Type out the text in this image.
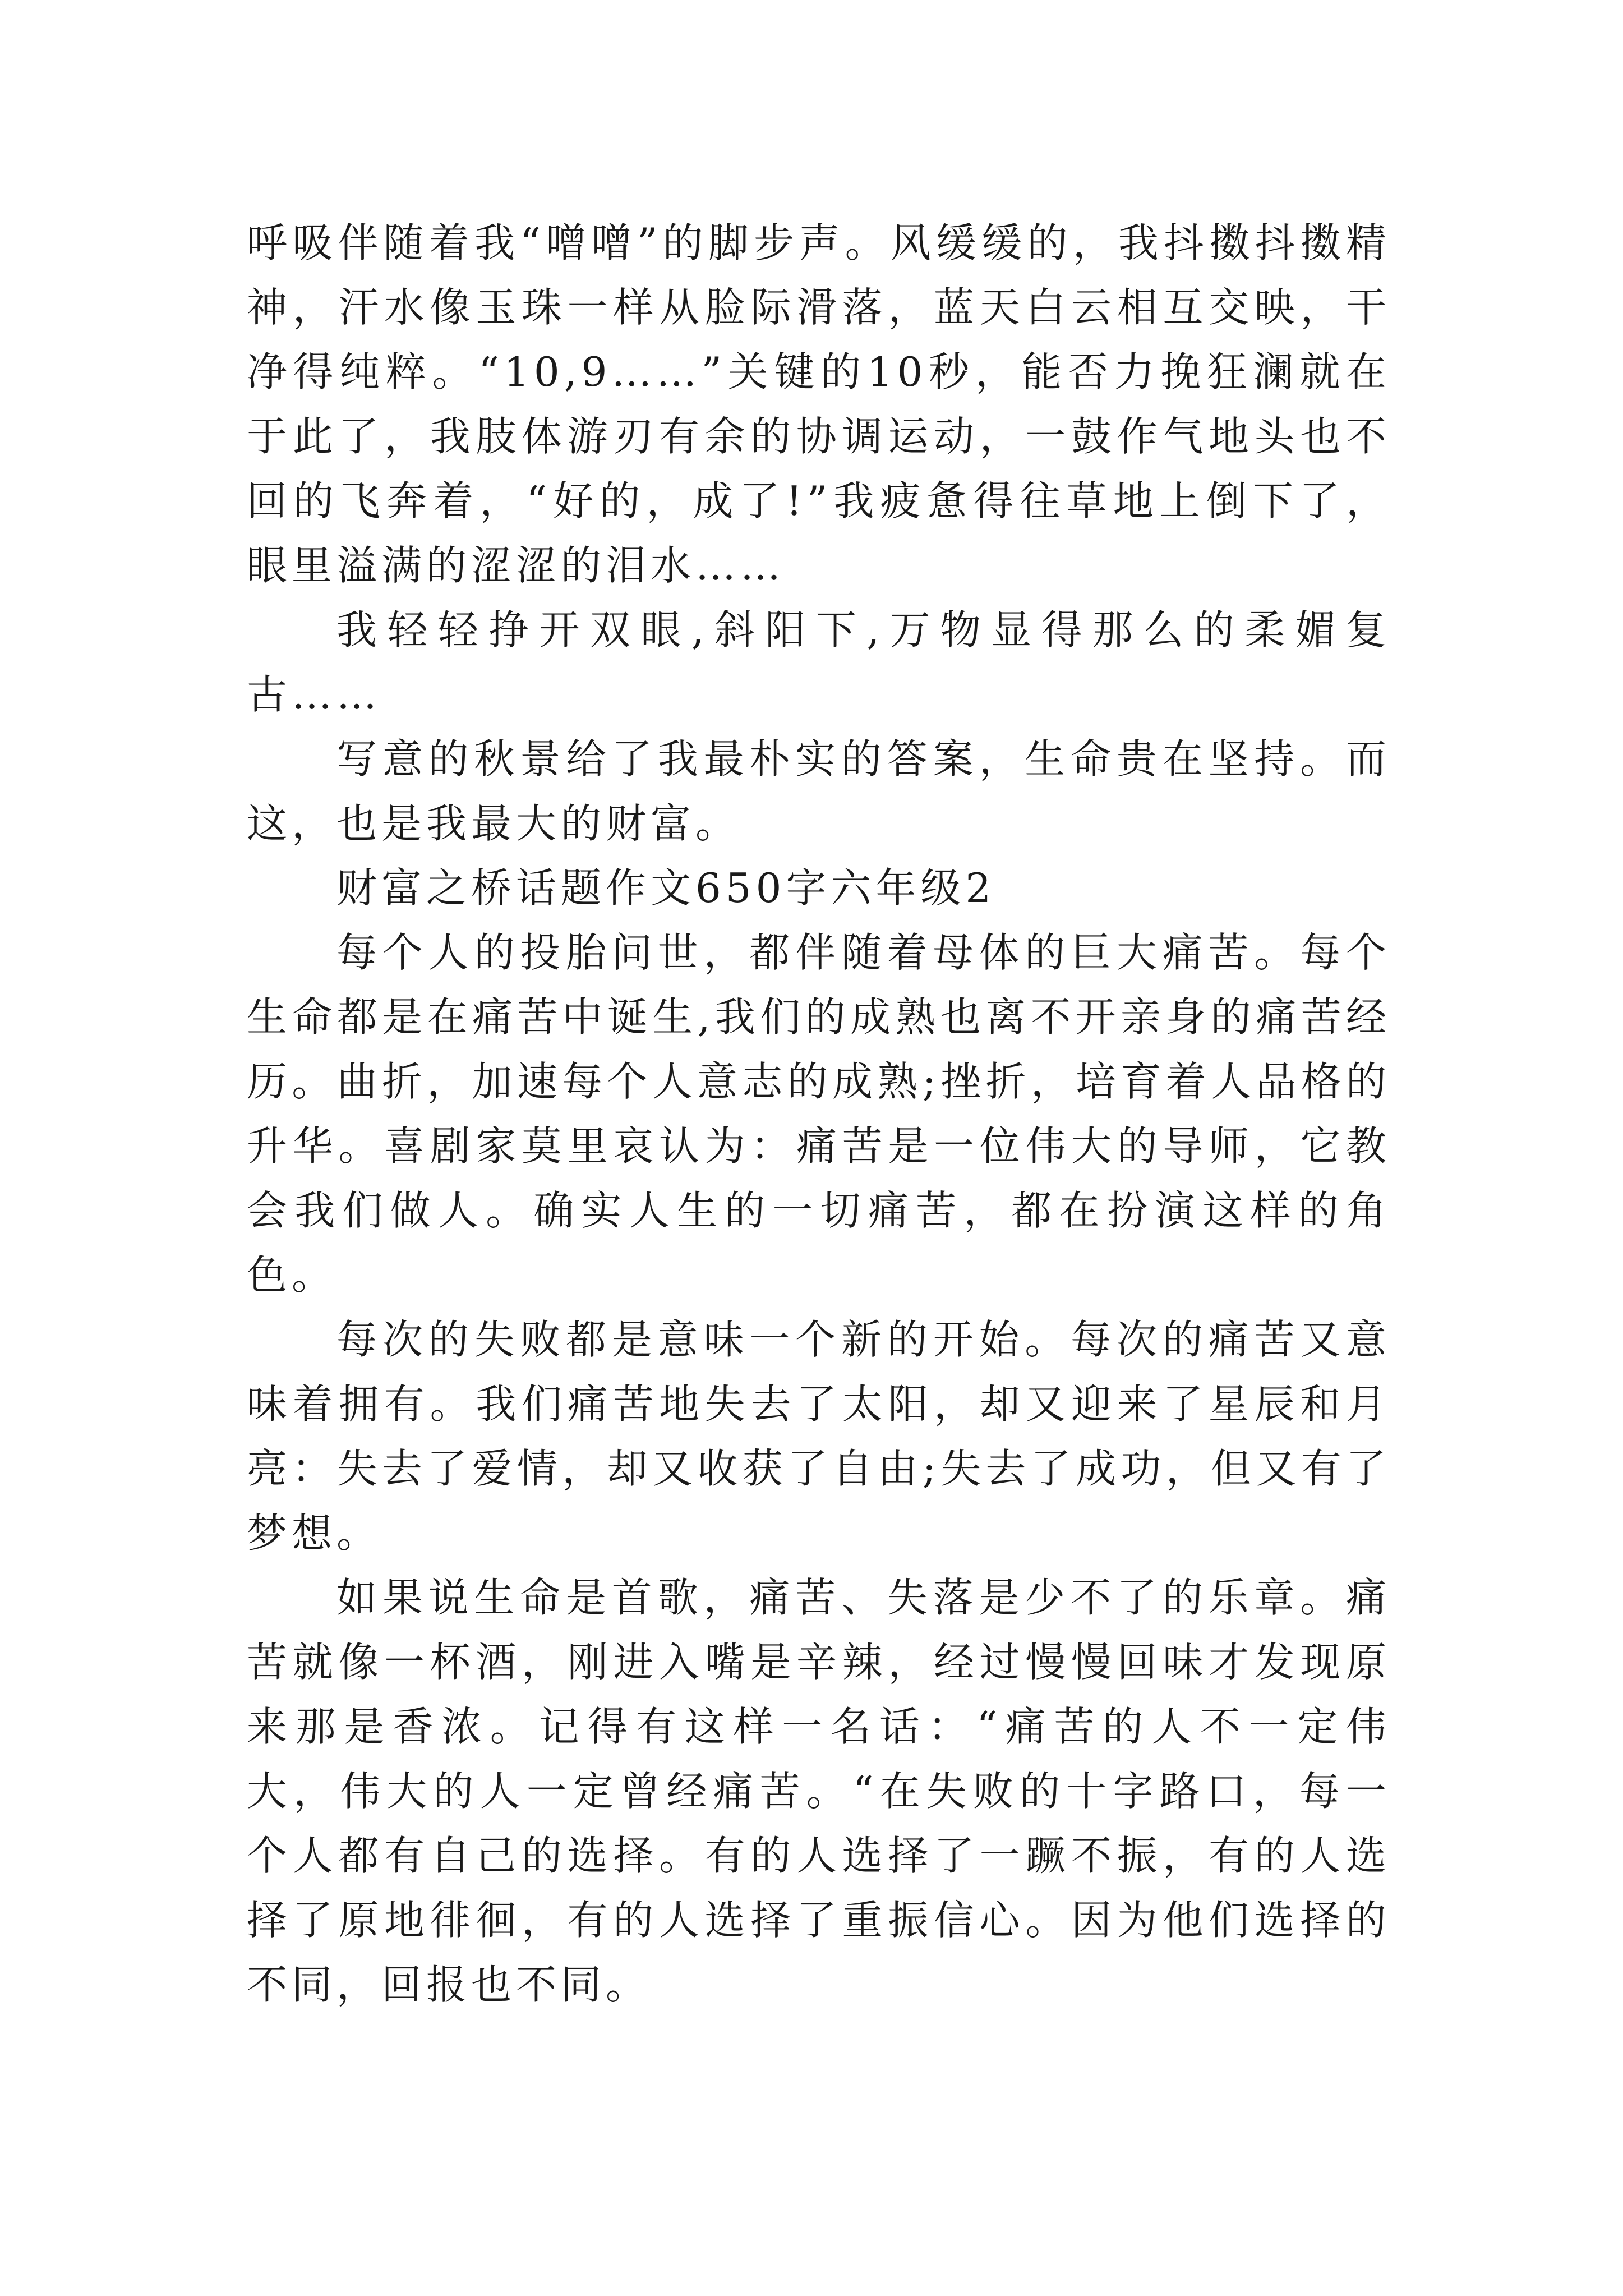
呼吸伴随着我“噌噌”的脚步声。风缓缓的，我抖擞抖擞精神，汗水像玉珠一样从脸际滑落，蓝天白云相互交映，干净得纯粹。“10,9……”关键的10秒，能否力挽狂澜就在于此了，我肢体游刃有余的协调运动，一鼓作气地头也不回的飞奔着，“好的，成了!”我疲惫得往草地上倒下了，眼里溢满的涩涩的泪水……

我轻轻挣开双眼,斜阳下,万物显得那么的柔媚复古……

写意的秋景给了我最朴实的答案，生命贵在坚持。而这，也是我最大的财富。

财富之桥话题作文650字六年级2

每个人的投胎问世，都伴随着母体的巨大痛苦。每个生命都是在痛苦中诞生,我们的成熟也离不开亲身的痛苦经历。曲折，加速每个人意志的成熟;挫折，培育着人品格的升华。喜剧家莫里哀认为：痛苦是一位伟大的导师，它教会我们做人。确实人生的一切痛苦，都在扮演这样的角色。

每次的失败都是意味一个新的开始。每次的痛苦又意味着拥有。我们痛苦地失去了太阳，却又迎来了星辰和月亮：失去了爱情，却又收获了自由;失去了成功，但又有了梦想。

如果说生命是首歌，痛苦、失落是少不了的乐章。痛苦就像一杯酒，刚进入嘴是辛辣，经过慢慢回味才发现原来那是香浓。记得有这样一名话：“痛苦的人不一定伟大，伟大的人一定曾经痛苦。“在失败的十字路口，每一个人都有自己的选择。有的人选择了一蹶不振，有的人选择了原地徘徊，有的人选择了重振信心。因为他们选择的不同，回报也不同。
